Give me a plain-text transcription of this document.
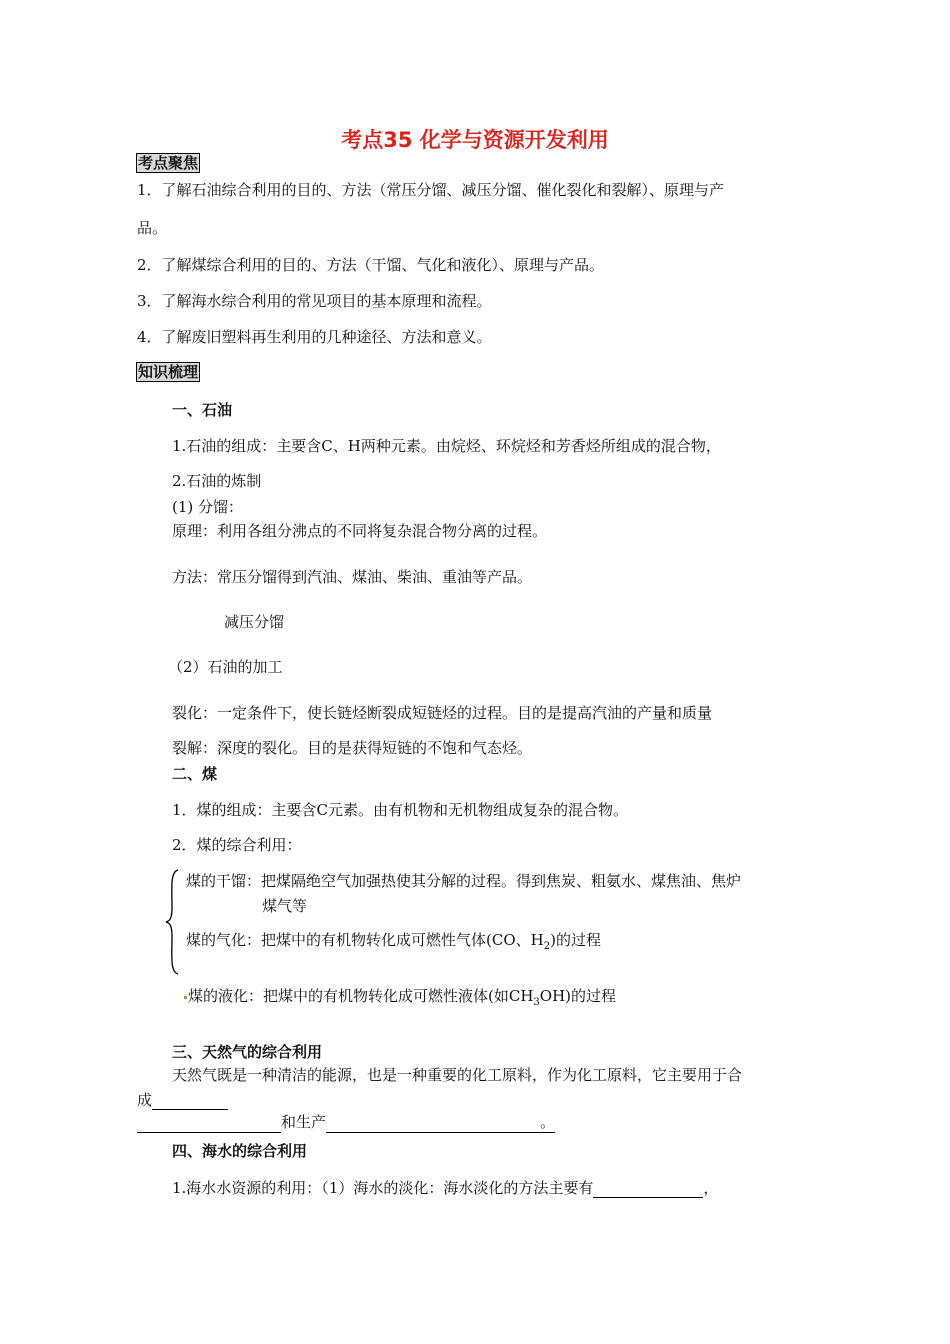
考点35 化学与资源开发利用
考点聚焦
1．了解石油综合利用的目的、方法（常压分馏、减压分馏、催化裂化和裂解）、原理与产
品。
2．了解煤综合利用的目的、方法（干馏、气化和液化）、原理与产品。
3．了解海水综合利用的常见项目的基本原理和流程。
4．了解废旧塑料再生利用的几种途径、方法和意义。
知识梳理
一、石油
1.石油的组成：主要含C、H两种元素。由烷烃、环烷烃和芳香烃所组成的混合物，
2.石油的炼制
(1) 分馏：
原理：利用各组分沸点的不同将复杂混合物分离的过程。
方法：常压分馏得到汽油、煤油、柴油、重油等产品。
减压分馏
（2）石油的加工
裂化：一定条件下，使长链烃断裂成短链烃的过程。目的是提高汽油的产量和质量
裂解：深度的裂化。目的是获得短链的不饱和气态烃。
二、煤
1．煤的组成：主要含C元素。由有机物和无机物组成复杂的混合物。
2．煤的综合利用：
煤的干馏：把煤隔绝空气加强热使其分解的过程。得到焦炭、粗氨水、煤焦油、焦炉
煤气等
煤的气化：把煤中的有机物转化成可燃性气体(CO、$H_2$)的过程
煤的液化：把煤中的有机物转化成可燃性液体(如$CH_3OH$)的过程
三、天然气的综合利用
天然气既是一种清洁的能源，也是一种重要的化工原料，作为化工原料，它主要用于合
成
和生产	。
四、海水的综合利用
1.海水水资源的利用：（1）海水的淡化：海水淡化的方法主要有	，
